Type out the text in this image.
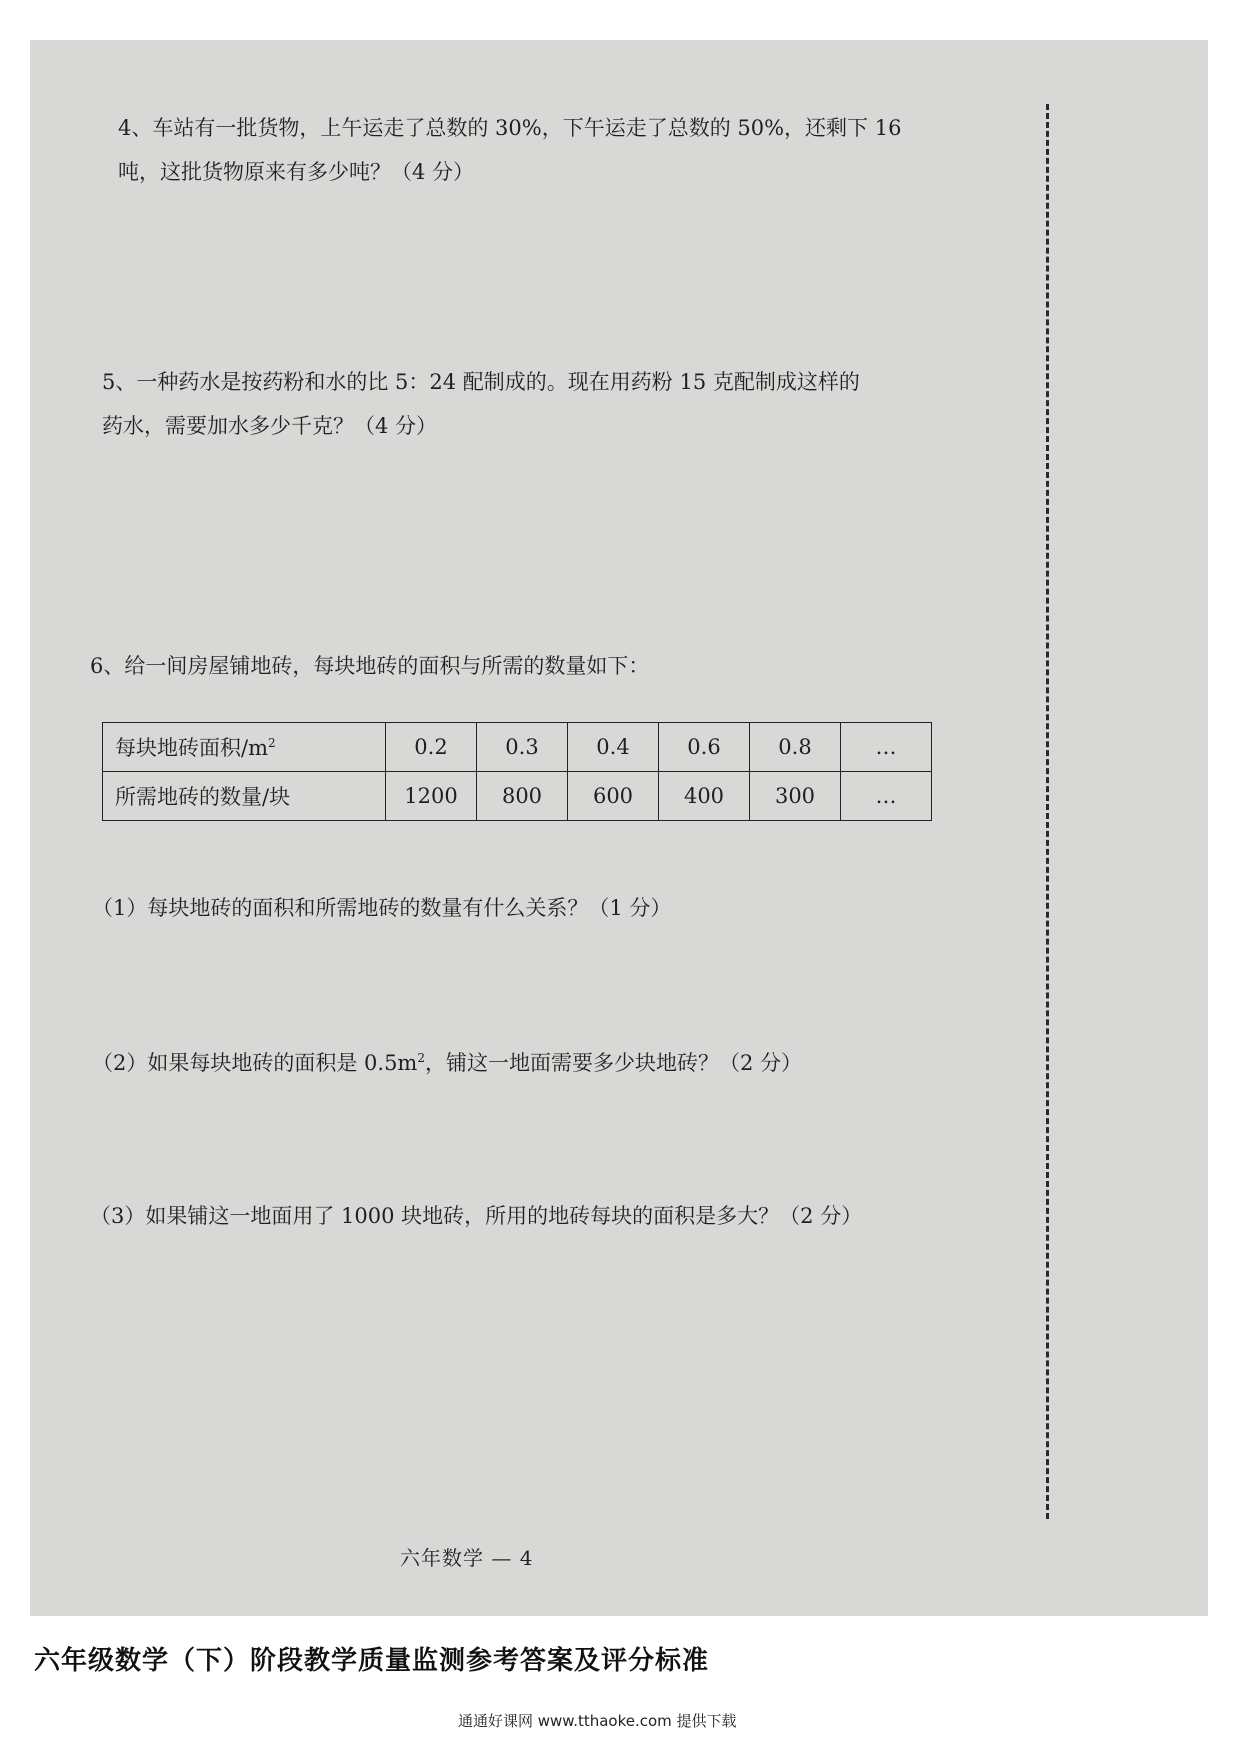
4、车站有一批货物，上午运走了总数的 30%，下午运走了总数的 50%，还剩下 16
吨，这批货物原来有多少吨？（4 分）
5、一种药水是按药粉和水的比 5：24 配制成的。现在用药粉 15 克配制成这样的
药水，需要加水多少千克？（4 分）
6、给一间房屋铺地砖，每块地砖的面积与所需的数量如下：
每块地砖面积$/m^2$	0.2	0.3	0.4	0.6	0.8	…
所需地砖的数量/块	1200	800	600	400	300	…
（1）每块地砖的面积和所需地砖的数量有什么关系？（1 分）
（2）如果每块地砖的面积是 $0.5m^2$，铺这一地面需要多少块地砖？（2 分）
（3）如果铺这一地面用了 1000 块地砖，所用的地砖每块的面积是多大？（2 分）
六年数学 — 4
六年级数学（下）阶段教学质量监测参考答案及评分标准
通通好课网 www.tthaoke.com 提供下载
